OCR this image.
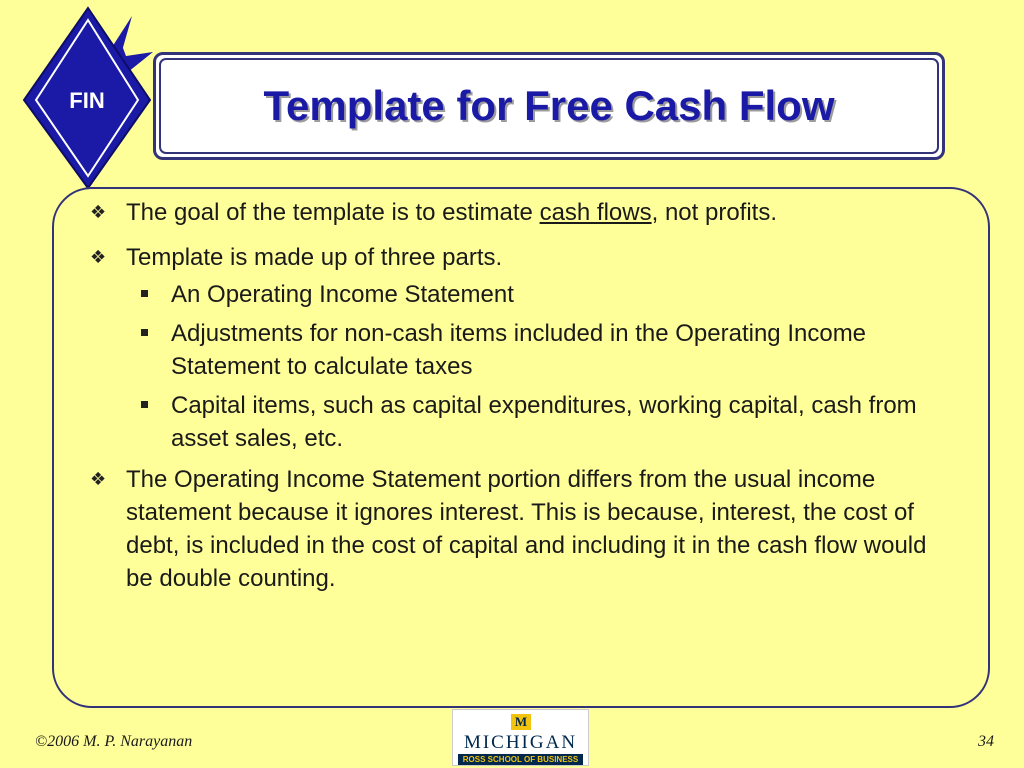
FIN	Template for Free Cash Flow
❖ The goal of the template is to estimate cash flows, not profits.
❖ Template is made up of three parts.
An Operating Income Statement
Adjustments for non-cash items included in the Operating Income Statement to calculate taxes
Capital items, such as capital expenditures, working capital, cash from asset sales, etc.
❖ The Operating Income Statement portion differs from the usual income statement because it ignores interest. This is because, interest, the cost of debt, is included in the cost of capital and including it in the cash flow would be double counting.
©2006 M. P. Narayanan
M
MICHIGAN
ROSS SCHOOL OF BUSINESS
34
